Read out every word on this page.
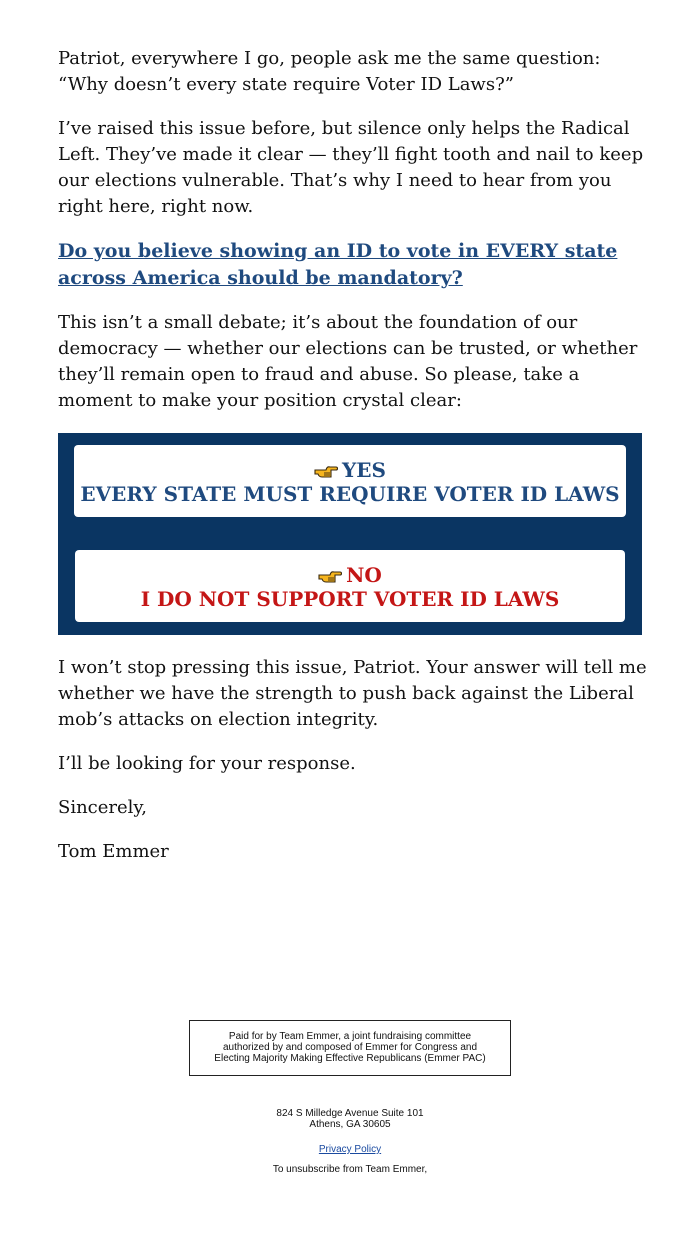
Patriot, everywhere I go, people ask me the same question: “Why doesn’t every state require Voter ID Laws?”

I’ve raised this issue before, but silence only helps the Radical Left. They’ve made it clear — they’ll fight tooth and nail to keep our elections vulnerable. That’s why I need to hear from you right here, right now.

Do you believe showing an ID to vote in EVERY state across America should be mandatory?

This isn’t a small debate; it’s about the foundation of our democracy — whether our elections can be trusted, or whether they’ll remain open to fraud and abuse. So please, take a moment to make your position crystal clear:

YES
EVERY STATE MUST REQUIRE VOTER ID LAWS
NO
I DO NOT SUPPORT VOTER ID LAWS

I won’t stop pressing this issue, Patriot. Your answer will tell me whether we have the strength to push back against the Liberal mob’s attacks on election integrity.

I’ll be looking for your response.

Sincerely,

Tom Emmer

Paid for by Team Emmer, a joint fundraising committee authorized by and composed of Emmer for Congress and Electing Majority Making Effective Republicans (Emmer PAC)
824 S Milledge Avenue Suite 101
Athens, GA 30605
Privacy Policy
To unsubscribe from Team Emmer,
